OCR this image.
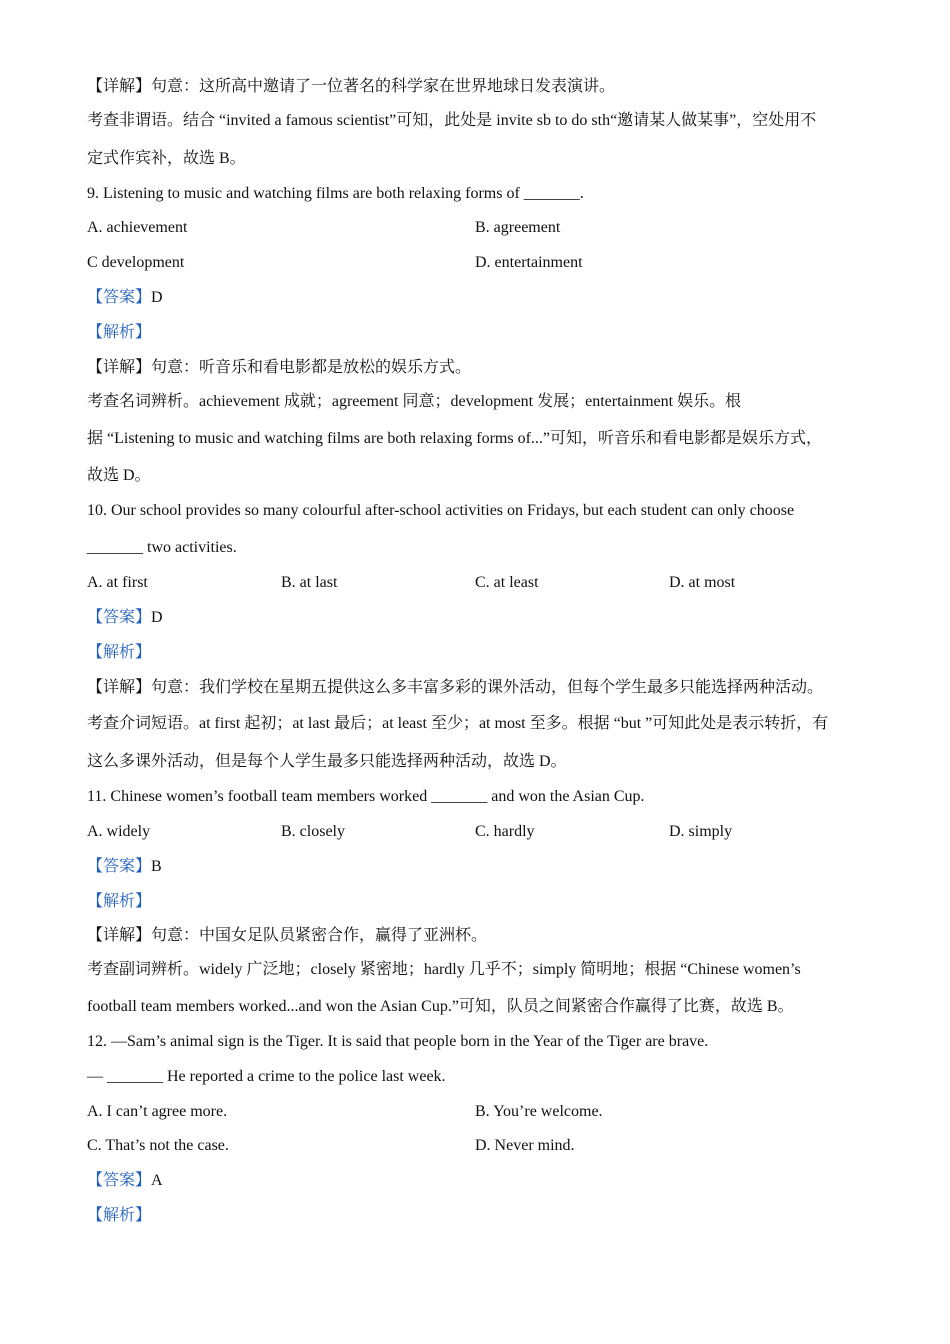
【详解】句意：这所高中邀请了一位著名的科学家在世界地球日发表演讲。
考查非谓语。结合 “invited a famous scientist”可知，此处是 invite sb to do sth“邀请某人做某事”，空处用不
定式作宾补，故选 B。
9. Listening to music and watching films are both relaxing forms of _______.
A. achievement	B. agreement
C development	D. entertainment
【答案】D
【解析】
【详解】句意：听音乐和看电影都是放松的娱乐方式。
考查名词辨析。achievement 成就；agreement 同意；development 发展；entertainment 娱乐。根
据 “Listening to music and watching films are both relaxing forms of...”可知，听音乐和看电影都是娱乐方式，
故选 D。
10. Our school provides so many colourful after-school activities on Fridays, but each student can only choose
_______ two activities.
A. at first	B. at last	C. at least	D. at most
【答案】D
【解析】
【详解】句意：我们学校在星期五提供这么多丰富多彩的课外活动，但每个学生最多只能选择两种活动。
考查介词短语。at first 起初；at last 最后；at least 至少；at most 至多。根据 “but ”可知此处是表示转折，有
这么多课外活动，但是每个人学生最多只能选择两种活动，故选 D。
11. Chinese women’s football team members worked _______ and won the Asian Cup.
A. widely	B. closely	C. hardly	D. simply
【答案】B
【解析】
【详解】句意：中国女足队员紧密合作，赢得了亚洲杯。
考查副词辨析。widely 广泛地；closely 紧密地；hardly 几乎不；simply 简明地；根据 “Chinese women’s
football team members worked...and won the Asian Cup.”可知，队员之间紧密合作赢得了比赛，故选 B。
12. —Sam’s animal sign is the Tiger. It is said that people born in the Year of the Tiger are brave.
— _______ He reported a crime to the police last week.
A. I can’t agree more.	B. You’re welcome.
C. That’s not the case.	D. Never mind.
【答案】A
【解析】
